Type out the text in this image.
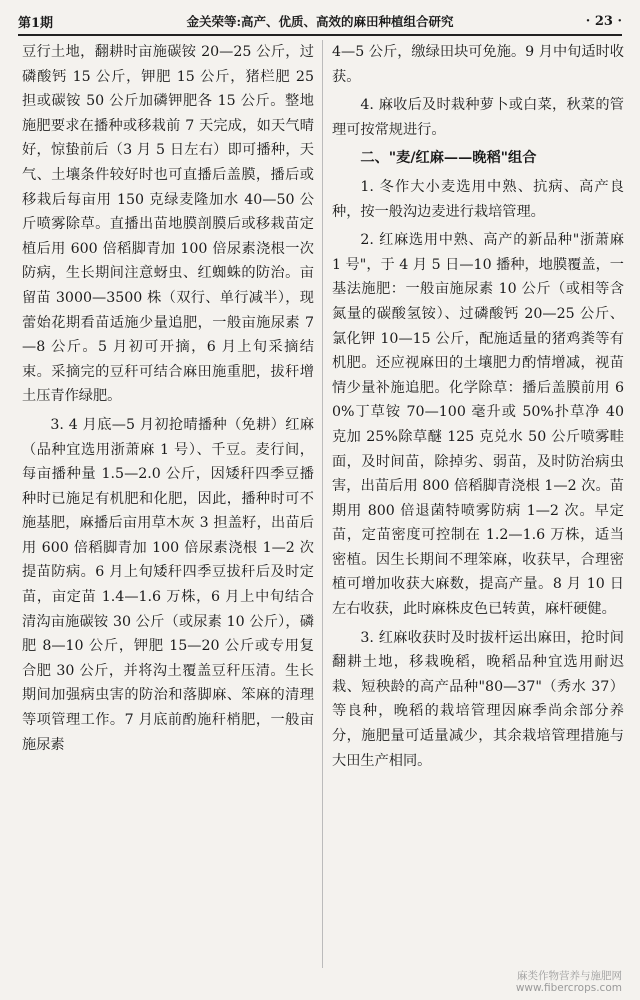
第1期	金关荣等:高产、优质、高效的麻田种植组合研究	· 23 ·

豆行土地，翻耕时亩施碳铵 20—25 公斤，过磷酸钙 15 公斤，钾肥 15 公斤，猪栏肥 25 担或碳铵 50 公斤加磷钾肥各 15 公斤。整地施肥要求在播种或移栽前 7 天完成，如天气晴好，惊蛰前后（3 月 5 日左右）即可播种，天气、土壤条件较好时也可直播后盖膜，播后或移栽后每亩用 150 克绿麦隆加水 40—50 公斤喷雾除草。直播出苗地膜剖膜后或移栽苗定植后用 600 倍稻脚青加 100 倍尿素浇根一次防病，生长期间注意蚜虫、红蜘蛛的防治。亩留苗 3000—3500 株（双行、单行减半），现蕾始花期看苗适施少量追肥，一般亩施尿素 7—8 公斤。5 月初可开摘，6 月上旬采摘结束。采摘完的豆秆可结合麻田施重肥，拔秆增土压青作绿肥。

3. 4 月底—5 月初抢晴播种（免耕）红麻（品种宜选用浙萧麻 1 号）、千豆。麦行间，每亩播种量 1.5—2.0 公斤，因矮秆四季豆播种时已施足有机肥和化肥，因此，播种时可不施基肥，麻播后亩用草木灰 3 担盖籽，出苗后用 600 倍稻脚青加 100 倍尿素浇根 1—2 次提苗防病。6 月上旬矮秆四季豆拔秆后及时定苗，亩定苗 1.4—1.6 万株，6 月上中旬结合清沟亩施碳铵 30 公斤（或尿素 10 公斤），磷肥 8—10 公斤，钾肥 15—20 公斤或专用复合肥 30 公斤，并将沟土覆盖豆秆压清。生长期间加强病虫害的防治和落脚麻、笨麻的清理等项管理工作。7 月底前酌施秆梢肥，一般亩施尿素

4—5 公斤，缴绿田块可免施。9 月中旬适时收获。

4. 麻收后及时栽种萝卜或白菜，秋菜的管理可按常规进行。

二、"麦/红麻——晚稻"组合

1. 冬作大小麦选用中熟、抗病、高产良种，按一般沟边麦进行栽培管理。

2. 红麻选用中熟、高产的新品种"浙萧麻 1 号"，于 4 月 5 日—10 播种，地膜覆盖，一基法施肥：一般亩施尿素 10 公斤（或相等含氮量的碳酸氢铵）、过磷酸钙 20—25 公斤、氯化钾 10—15 公斤，配施适量的猪鸡粪等有机肥。还应视麻田的土壤肥力酌情增减，视苗情少量补施追肥。化学除草：播后盖膜前用 60%丁草铵 70—100 毫升或 50%扑草净 40 克加 25%除草醚 125 克兑水 50 公斤喷雾畦面，及时间苗，除掉劣、弱苗，及时防治病虫害，出苗后用 800 倍稻脚青浇根 1—2 次。苗期用 800 倍退菌特喷雾防病 1—2 次。早定苗，定苗密度可控制在 1.2—1.6 万株，适当密植。因生长期间不理笨麻，收获早，合理密植可增加收获大麻数，提高产量。8 月 10 日左右收获，此时麻株皮色已转黄，麻杆硬健。

3. 红麻收获时及时拔杆运出麻田，抢时间翻耕土地，移栽晚稻，晚稻品种宜选用耐迟栽、短秧龄的高产品种"80—37"（秀水 37）等良种，晚稻的栽培管理因麻季尚余部分养分，施肥量可适量减少，其余栽培管理措施与大田生产相同。

麻类作物营养与施肥网
www.fibercrops.com
